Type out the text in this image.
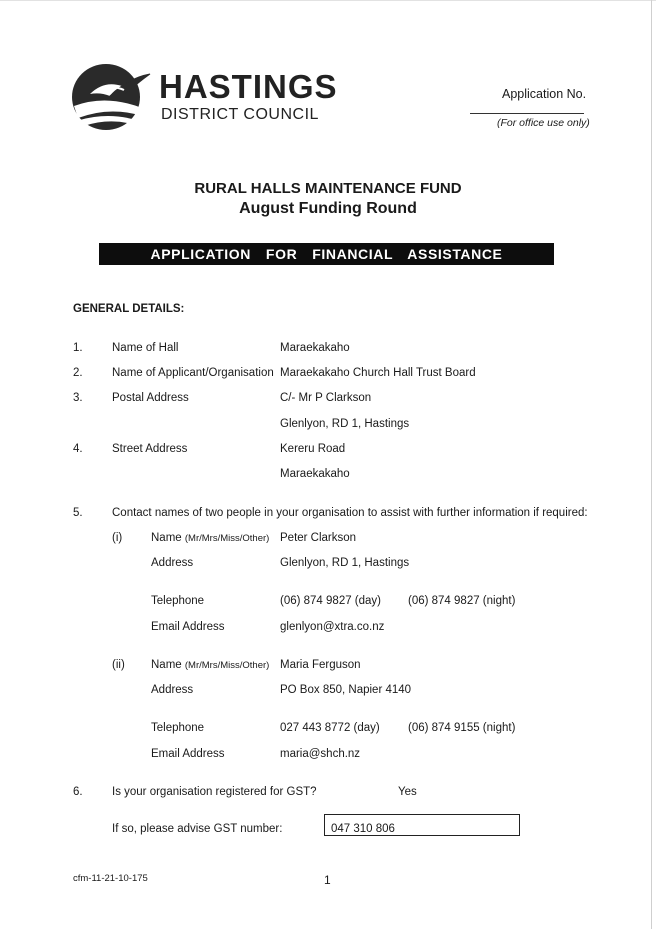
HASTINGS
DISTRICT COUNCIL
Application No.
(For office use only)
RURAL HALLS MAINTENANCE FUND
August Funding Round
APPLICATION  FOR  FINANCIAL  ASSISTANCE
GENERAL DETAILS:
1.	Name of Hall	Maraekakaho
2.	Name of Applicant/Organisation Maraekakaho Church Hall Trust Board
3.	Postal Address	C/- Mr P Clarkson
Glenlyon, RD 1, Hastings
4.	Street Address	Kereru Road
Maraekakaho
5.	Contact names of two people in your organisation to assist with further information if required:
(i)	Name (Mr/Mrs/Miss/Other) Peter Clarkson
Address	Glenlyon, RD 1, Hastings
Telephone	(06) 874 9827 (day) (06) 874 9827 (night)
Email Address	glenlyon@xtra.co.nz
(ii) Name (Mr/Mrs/Miss/Other) Maria Ferguson
Address	PO Box 850, Napier 4140
Telephone	027 443 8772 (day) (06) 874 9155 (night)
Email Address	maria@shch.nz
6.	Is your organisation registered for GST?	Yes
If so, please advise GST number:	047 310 806
cfm-11-21-10-175	1
